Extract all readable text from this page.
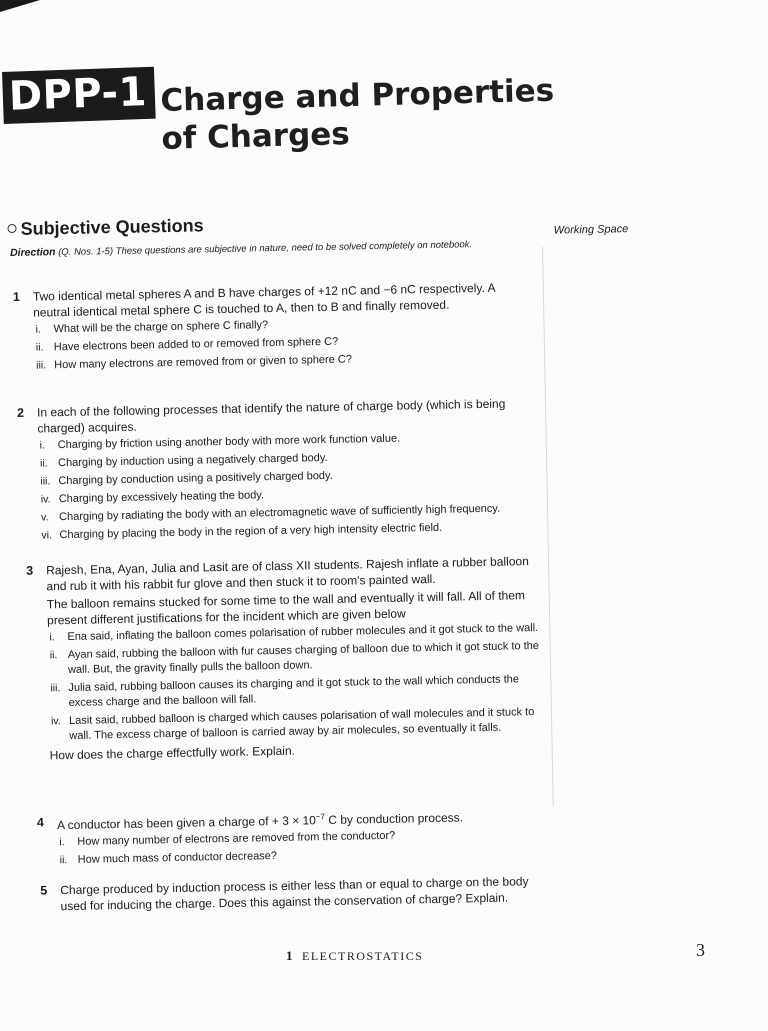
DPP-1 Charge and Properties
of Charges
Subjective Questions	Working Space
Direction (Q. Nos. 1-5) These questions are subjective in nature, need to be solved completely on notebook.
1 Two identical metal spheres A and B have charges of +12 nC and −6 nC respectively. A neutral identical metal sphere C is touched to A, then to B and finally removed.

i. What will be the charge on sphere C finally?
ii. Have electrons been added to or removed from sphere C?
iii. How many electrons are removed from or given to sphere C?
2 In each of the following processes that identify the nature of charge body (which is being charged) acquires.

i. Charging by friction using another body with more work function value.
ii. Charging by induction using a negatively charged body.
iii. Charging by conduction using a positively charged body.
iv. Charging by excessively heating the body.
v. Charging by radiating the body with an electromagnetic wave of sufficiently high frequency.
vi. Charging by placing the body in the region of a very high intensity electric field.
3 Rajesh, Ena, Ayan, Julia and Lasit are of class XII students. Rajesh inflate a rubber balloon and rub it with his rabbit fur glove and then stuck it to room's painted wall.

The balloon remains stucked for some time to the wall and eventually it will fall. All of them present different justifications for the incident which are given below

i. Ena said, inflating the balloon comes polarisation of rubber molecules and it got stuck to the wall.
ii. Ayan said, rubbing the balloon with fur causes charging of balloon due to which it got stuck to the wall. But, the gravity finally pulls the balloon down.
iii. Julia said, rubbing balloon causes its charging and it got stuck to the wall which conducts the excess charge and the balloon will fall.
iv. Lasit said, rubbed balloon is charged which causes polarisation of wall molecules and it stuck to wall. The excess charge of balloon is carried away by air molecules, so eventually it falls.

How does the charge effectfully work. Explain.

4 A conductor has been given a charge of + $3 \times 10^{-7}$ C by conduction process.

i. How many number of electrons are removed from the conductor?
ii. How much mass of conductor decrease?
5 Charge produced by induction process is either less than or equal to charge on the body used for inducing the charge. Does this against the conservation of charge? Explain.

1 ELECTROSTATICS	3
